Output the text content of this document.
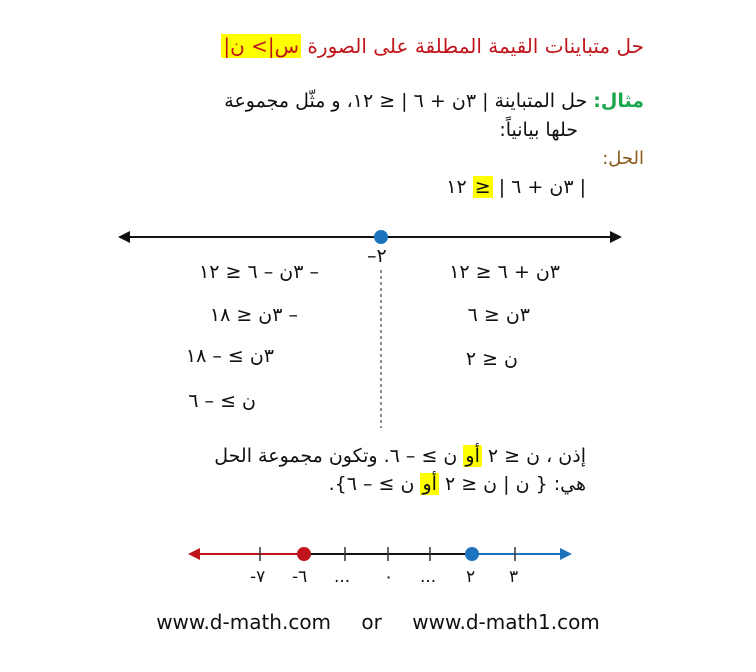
حل متباينات القيمة المطلقة على الصورة |س|> ن
مثال: حل المتباينة | ٣ن + ٦ | ≤ ١٢، و مثّل مجموعة
حلها بيانياً:
الحل:
| ٣ن + ٦ | ≤ ١٢
–٢
– ٣ن – ٦ ≤ ١٢
– ٣ن ≤ ١٨
٣ن ≥ – ١٨
ن ≥ – ٦
٣ن + ٦ ≤ ١٢
٣ن ≤ ٦
ن ≤ ٢
إذن ، ن ≤ ٢ أو ن ≥ – ٦. وتكون مجموعة الحل
هي: { ن | ن ≤ ٢ أو ن ≥ – ٦}.
-٧ -٦ ... ٠ ... ٢ ٣
www.d-math.com or www.d-math1.com
